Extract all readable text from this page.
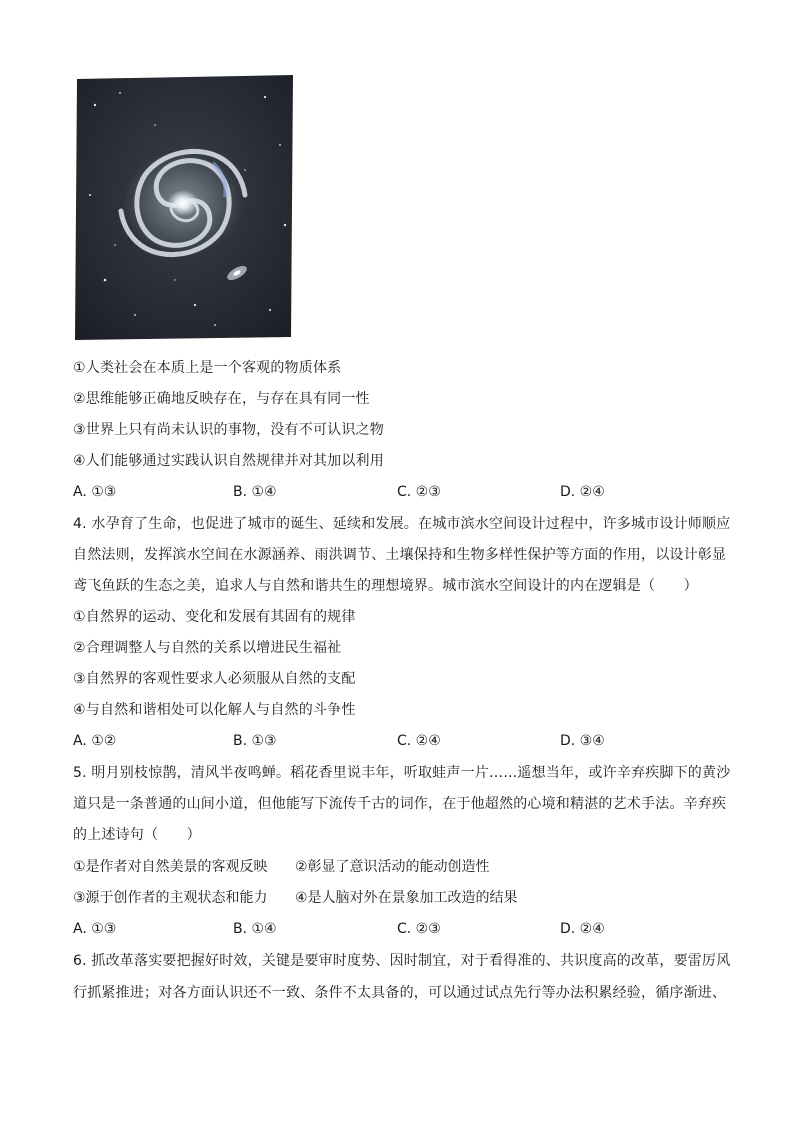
①人类社会在本质上是一个客观的物质体系
②思维能够正确地反映存在，与存在具有同一性
③世界上只有尚未认识的事物，没有不可认识之物
④人们能够通过实践认识自然规律并对其加以利用
A. ①③	B. ①④	C. ②③	D. ②④
4. 水孕育了生命，也促进了城市的诞生、延续和发展。在城市滨水空间设计过程中，许多城市设计师顺应
自然法则，发挥滨水空间在水源涵养、雨洪调节、土壤保持和生物多样性保护等方面的作用，以设计彰显
鸢飞鱼跃的生态之美，追求人与自然和谐共生的理想境界。城市滨水空间设计的内在逻辑是（　　）
①自然界的运动、变化和发展有其固有的规律
②合理调整人与自然的关系以增进民生福祉
③自然界的客观性要求人必须服从自然的支配
④与自然和谐相处可以化解人与自然的斗争性
A. ①②	B. ①③	C. ②④	D. ③④
5. 明月别枝惊鹊，清风半夜鸣蝉。稻花香里说丰年，听取蛙声一片……遥想当年，或许辛弃疾脚下的黄沙
道只是一条普通的山间小道，但他能写下流传千古的词作，在于他超然的心境和精湛的艺术手法。辛弃疾
的上述诗句（　　）
①是作者对自然美景的客观反映 ②彰显了意识活动的能动创造性
③源于创作者的主观状态和能力 ④是人脑对外在景象加工改造的结果
A. ①③	B. ①④	C. ②③	D. ②④
6. 抓改革落实要把握好时效，关键是要审时度势、因时制宜，对于看得准的、共识度高的改革，要雷厉风
行抓紧推进；对各方面认识还不一致、条件不太具备的，可以通过试点先行等办法积累经验，循序渐进、
